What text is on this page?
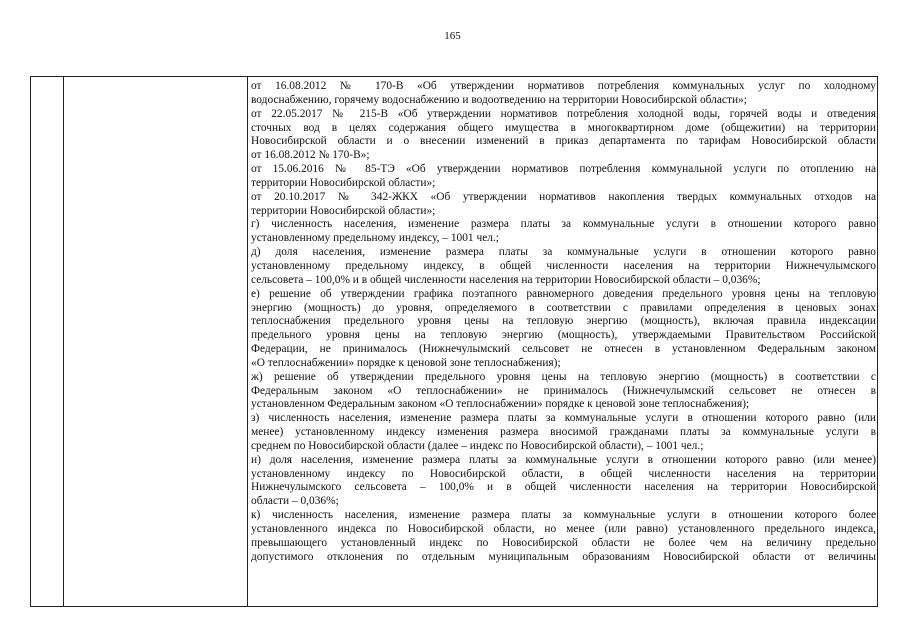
165
от 16.08.2012 № 170-В «Об утверждении нормативов потребления коммунальных услуг по холодному
водоснабжению, горячему водоснабжению и водоотведению на территории Новосибирской области»;
от 22.05.2017 № 215-В «Об утверждении нормативов потребления холодной воды, горячей воды и отведения
сточных вод в целях содержания общего имущества в многоквартирном доме (общежитии) на территории
Новосибирской области и о внесении изменений в приказ департамента по тарифам Новосибирской области
от 16.08.2012 № 170-В»;
от 15.06.2016 № 85-ТЭ «Об утверждении нормативов потребления коммунальной услуги по отоплению на
территории Новосибирской области»;
от 20.10.2017 № 342-ЖКХ «Об утверждении нормативов накопления твердых коммунальных отходов на
территории Новосибирской области»;
г) численность населения, изменение размера платы за коммунальные услуги в отношении которого равно
установленному предельному индексу, – 1001 чел.;
д) доля населения, изменение размера платы за коммунальные услуги в отношении которого равно
установленному предельному индексу, в общей численности населения на территории Нижнечулымского
сельсовета – 100,0% и в общей численности населения на территории Новосибирской области – 0,036%;
е) решение об утверждении графика поэтапного равномерного доведения предельного уровня цены на тепловую
энергию (мощность) до уровня, определяемого в соответствии с правилами определения в ценовых зонах
теплоснабжения предельного уровня цены на тепловую энергию (мощность), включая правила индексации
предельного уровня цены на тепловую энергию (мощность), утверждаемыми Правительством Российской
Федерации, не принималось (Нижнечулымский сельсовет не отнесен в установленном Федеральным законом
«О теплоснабжении» порядке к ценовой зоне теплоснабжения);
ж) решение об утверждении предельного уровня цены на тепловую энергию (мощность) в соответствии с
Федеральным законом «О теплоснабжении» не принималось (Нижнечулымский сельсовет не отнесен в
установленном Федеральным законом «О теплоснабжении» порядке к ценовой зоне теплоснабжения);
з) численность населения, изменение размера платы за коммунальные услуги в отношении которого равно (или
менее) установленному индексу изменения размера вносимой гражданами платы за коммунальные услуги в
среднем по Новосибирской области (далее – индекс по Новосибирской области), – 1001 чел.;
и) доля населения, изменение размера платы за коммунальные услуги в отношении которого равно (или менее)
установленному индексу по Новосибирской области, в общей численности населения на территории
Нижнечулымского сельсовета – 100,0% и в общей численности населения на территории Новосибирской
области – 0,036%;
к) численность населения, изменение размера платы за коммунальные услуги в отношении которого более
установленного индекса по Новосибирской области, но менее (или равно) установленного предельного индекса,
превышающего установленный индекс по Новосибирской области не более чем на величину предельно
допустимого отклонения по отдельным муниципальным образованиям Новосибирской области от величины
